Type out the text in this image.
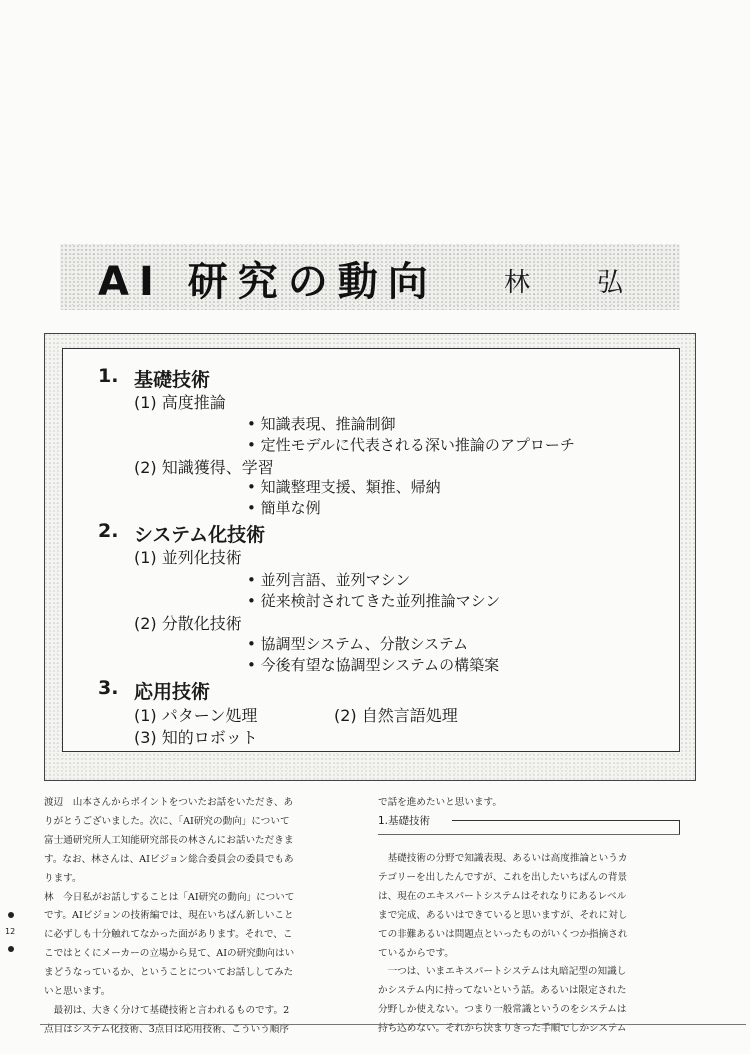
AI 研究の動向	林	弘
1. 基礎技術
(1) 高度推論
• 知識表現、推論制御
• 定性モデルに代表される深い推論のアプローチ
(2) 知識獲得、学習
• 知識整理支援、類推、帰納
• 簡単な例
2. システム化技術
(1) 並列化技術
• 並列言語、並列マシン
• 従来検討されてきた並列推論マシン
(2) 分散化技術
• 協調型システム、分散システム
• 今後有望な協調型システムの構築案
3. 応用技術
(1) パターン処理	(2) 自然言語処理
(3) 知的ロボット

渡辺　山本さんからポイントをついたお話をいただき、あ

りがとうございました。次に、「AI研究の動向」について

富士通研究所人工知能研究部長の林さんにお話いただきま

す。なお、林さんは、AIビジョン総合委員会の委員でもあ

ります。

林　今日私がお話しすることは「AI研究の動向」について

です。AIビジョンの技術編では、現在いちばん新しいこと

に必ずしも十分触れてなかった面があります。それで、こ

こではとくにメーカーの立場から見て、AIの研究動向はい

まどうなっているか、ということについてお話ししてみた

いと思います。

最初は、大きく分けて基礎技術と言われるものです。2

点目はシステム化技術、3点目は応用技術、こういう順序

で話を進めたいと思います。
1.基礎技術

基礎技術の分野で知識表現、あるいは高度推論というカ

テゴリーを出したんですが、これを出したいちばんの背景

は、現在のエキスパートシステムはそれなりにあるレベル

まで完成、あるいはできていると思いますが、それに対し

ての非難あるいは問題点といったものがいくつか指摘され

ているからです。

一つは、いまエキスパートシステムは丸暗記型の知識し

かシステム内に持ってないという話。あるいは限定された

分野しか使えない。つまり一般常識というのをシステムは

持ち込めない。それから決まりきった手順でしかシステム

12
